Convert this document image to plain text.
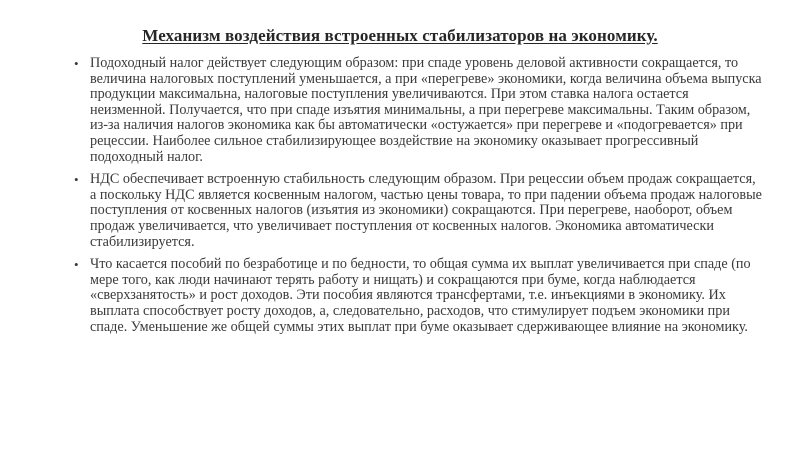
Механизм воздействия встроенных стабилизаторов на экономику.
• Подоходный налог действует следующим образом: при спаде уровень деловой активности сокращается, то величина налоговых поступлений уменьшается, а при «перегреве» экономики, когда величина объема выпуска продукции максимальна, налоговые поступления увеличиваются. При этом ставка налога остается неизменной. Получается, что при спаде изъятия минимальны, а при перегреве максимальны. Таким образом, из-за наличия налогов экономика как бы автоматически «остужается» при перегреве и «подогревается» при рецессии. Наиболее сильное стабилизирующее воздействие на экономику оказывает прогрессивный подоходный налог.
• НДС обеспечивает встроенную стабильность следующим образом. При рецессии объем продаж сокращается, а поскольку НДС является косвенным налогом, частью цены товара, то при падении объема продаж налоговые поступления от косвенных налогов (изъятия из экономики) сокращаются. При перегреве, наоборот, объем продаж увеличивается, что увеличивает поступления от косвенных налогов. Экономика автоматически стабилизируется.
• Что касается пособий по безработице и по бедности, то общая сумма их выплат увеличивается при спаде (по мере того, как люди начинают терять работу и нищать) и сокращаются при буме, когда наблюдается «сверхзанятость» и рост доходов. Эти пособия являются трансфертами, т.е. инъекциями в экономику. Их выплата способствует росту доходов, а, следовательно, расходов, что стимулирует подъем экономики при спаде. Уменьшение же общей суммы этих выплат при буме оказывает сдерживающее влияние на экономику.
